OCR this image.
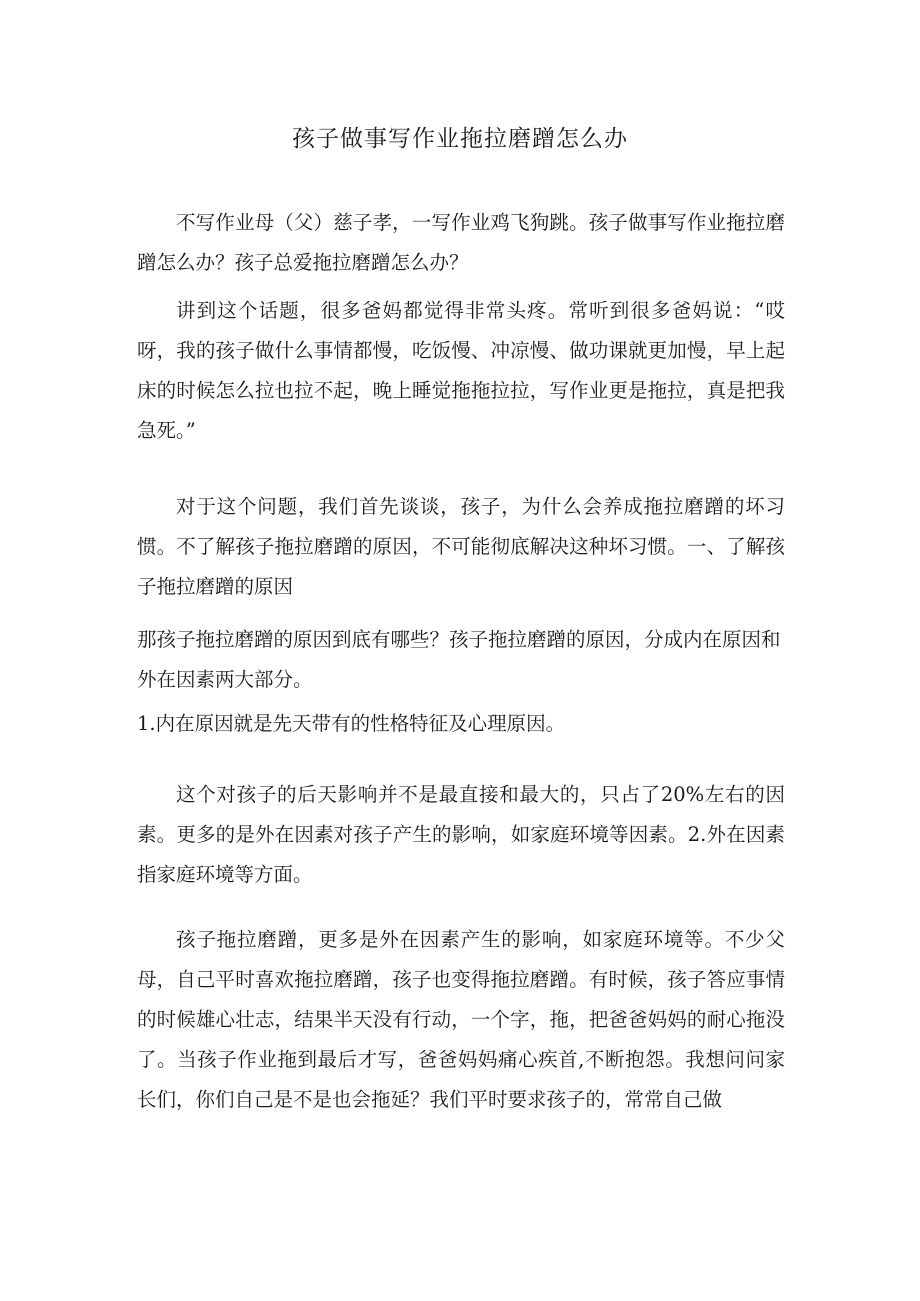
孩子做事写作业拖拉磨蹭怎么办

不写作业母（父）慈子孝，一写作业鸡飞狗跳。孩子做事写作业拖拉磨蹭怎么办？孩子总爱拖拉磨蹭怎么办？

讲到这个话题，很多爸妈都觉得非常头疼。常听到很多爸妈说：“哎呀，我的孩子做什么事情都慢，吃饭慢、冲凉慢、做功课就更加慢，早上起床的时候怎么拉也拉不起，晚上睡觉拖拖拉拉，写作业更是拖拉，真是把我急死。”

对于这个问题，我们首先谈谈，孩子，为什么会养成拖拉磨蹭的坏习惯。不了解孩子拖拉磨蹭的原因，不可能彻底解决这种坏习惯。一、了解孩子拖拉磨蹭的原因

那孩子拖拉磨蹭的原因到底有哪些？孩子拖拉磨蹭的原因，分成内在原因和外在因素两大部分。

1.内在原因就是先天带有的性格特征及心理原因。

这个对孩子的后天影响并不是最直接和最大的，只占了20%左右的因素。更多的是外在因素对孩子产生的影响，如家庭环境等因素。2.外在因素指家庭环境等方面。

孩子拖拉磨蹭，更多是外在因素产生的影响，如家庭环境等。不少父母，自己平时喜欢拖拉磨蹭，孩子也变得拖拉磨蹭。有时候，孩子答应事情的时候雄心壮志，结果半天没有行动，一个字，拖，把爸爸妈妈的耐心拖没了。当孩子作业拖到最后才写，爸爸妈妈痛心疾首,不断抱怨。我想问问家长们，你们自己是不是也会拖延？我们平时要求孩子的，常常自己做
